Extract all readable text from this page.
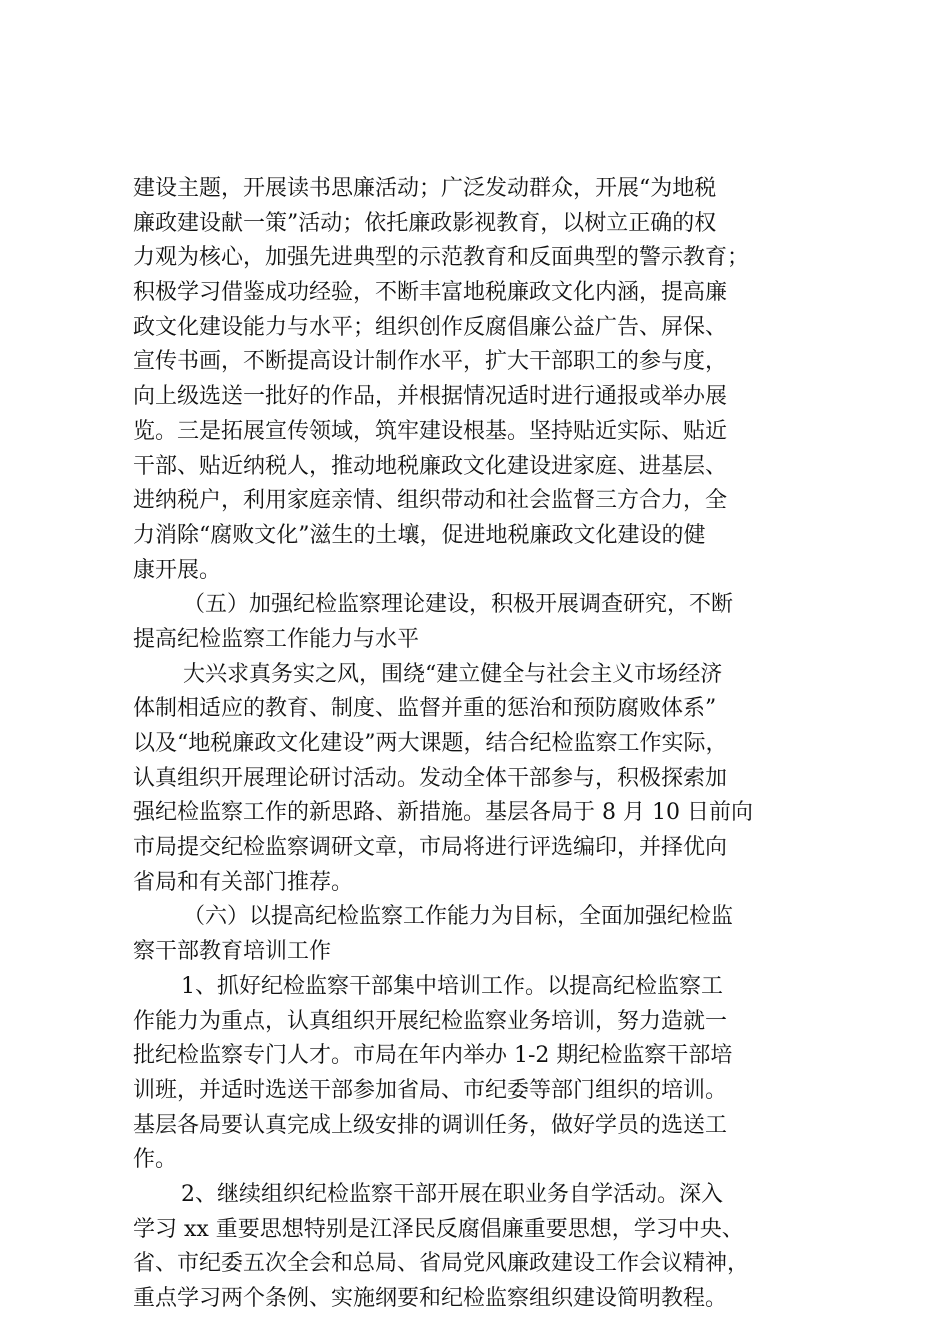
建设主题，开展读书思廉活动；广泛发动群众，开展“为地税
廉政建设献一策”活动；依托廉政影视教育，以树立正确的权
力观为核心，加强先进典型的示范教育和反面典型的警示教育；
积极学习借鉴成功经验，不断丰富地税廉政文化内涵，提高廉
政文化建设能力与水平；组织创作反腐倡廉公益广告、屏保、
宣传书画，不断提高设计制作水平，扩大干部职工的参与度，
向上级选送一批好的作品，并根据情况适时进行通报或举办展
览。三是拓展宣传领域，筑牢建设根基。坚持贴近实际、贴近
干部、贴近纳税人，推动地税廉政文化建设进家庭、进基层、
进纳税户，利用家庭亲情、组织带动和社会监督三方合力，全
力消除“腐败文化”滋生的土壤，促进地税廉政文化建设的健
康开展。
（五）加强纪检监察理论建设，积极开展调查研究，不断
提高纪检监察工作能力与水平
大兴求真务实之风，围绕“建立健全与社会主义市场经济
体制相适应的教育、制度、监督并重的惩治和预防腐败体系”
以及“地税廉政文化建设”两大课题，结合纪检监察工作实际，
认真组织开展理论研讨活动。发动全体干部参与，积极探索加
强纪检监察工作的新思路、新措施。基层各局于 8 月 10 日前向
市局提交纪检监察调研文章，市局将进行评选编印，并择优向
省局和有关部门推荐。
（六）以提高纪检监察工作能力为目标，全面加强纪检监
察干部教育培训工作
1、抓好纪检监察干部集中培训工作。以提高纪检监察工
作能力为重点，认真组织开展纪检监察业务培训，努力造就一
批纪检监察专门人才。市局在年内举办 1-2 期纪检监察干部培
训班，并适时选送干部参加省局、市纪委等部门组织的培训。
基层各局要认真完成上级安排的调训任务，做好学员的选送工
作。
2、继续组织纪检监察干部开展在职业务自学活动。深入
学习 xx 重要思想特别是江泽民反腐倡廉重要思想，学习中央、
省、市纪委五次全会和总局、省局党风廉政建设工作会议精神，
重点学习两个条例、实施纲要和纪检监察组织建设简明教程。
